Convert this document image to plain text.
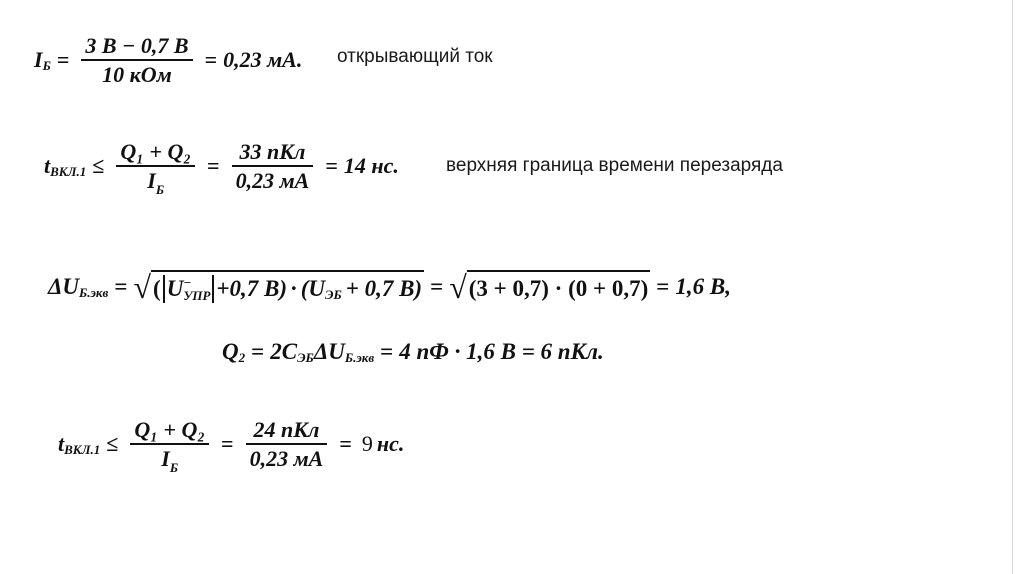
I $Б = \frac{3 B - 0,7 B}{\text{10 кОм}} = 0,23$ мА. открывающий ток
t $ВКЛ.1 \le \frac{\text{Q₁ + Q₂}}{I_Б} = \frac{\text{33 пКл}}{0,23 мА} = 14$ нс. верхняя граница времени перезаряда
ΔU Б.экв = √ ( U −
УПР +0,7 B) · (U ЭБ + 0,7 B) = √ (3 + 0,7) · (0 + 0,7) = 1,6 B,
Q 2 = 2C ЭБ ΔU Б.экв = 4 пФ · 1,6 B = 6 пКл.
t $ВКЛ.1 \le \frac{\text{Q₁ + Q₂}}{I_Б} = \frac{\text{24 пКл}}{0,23 мА} = 9$ нс.
